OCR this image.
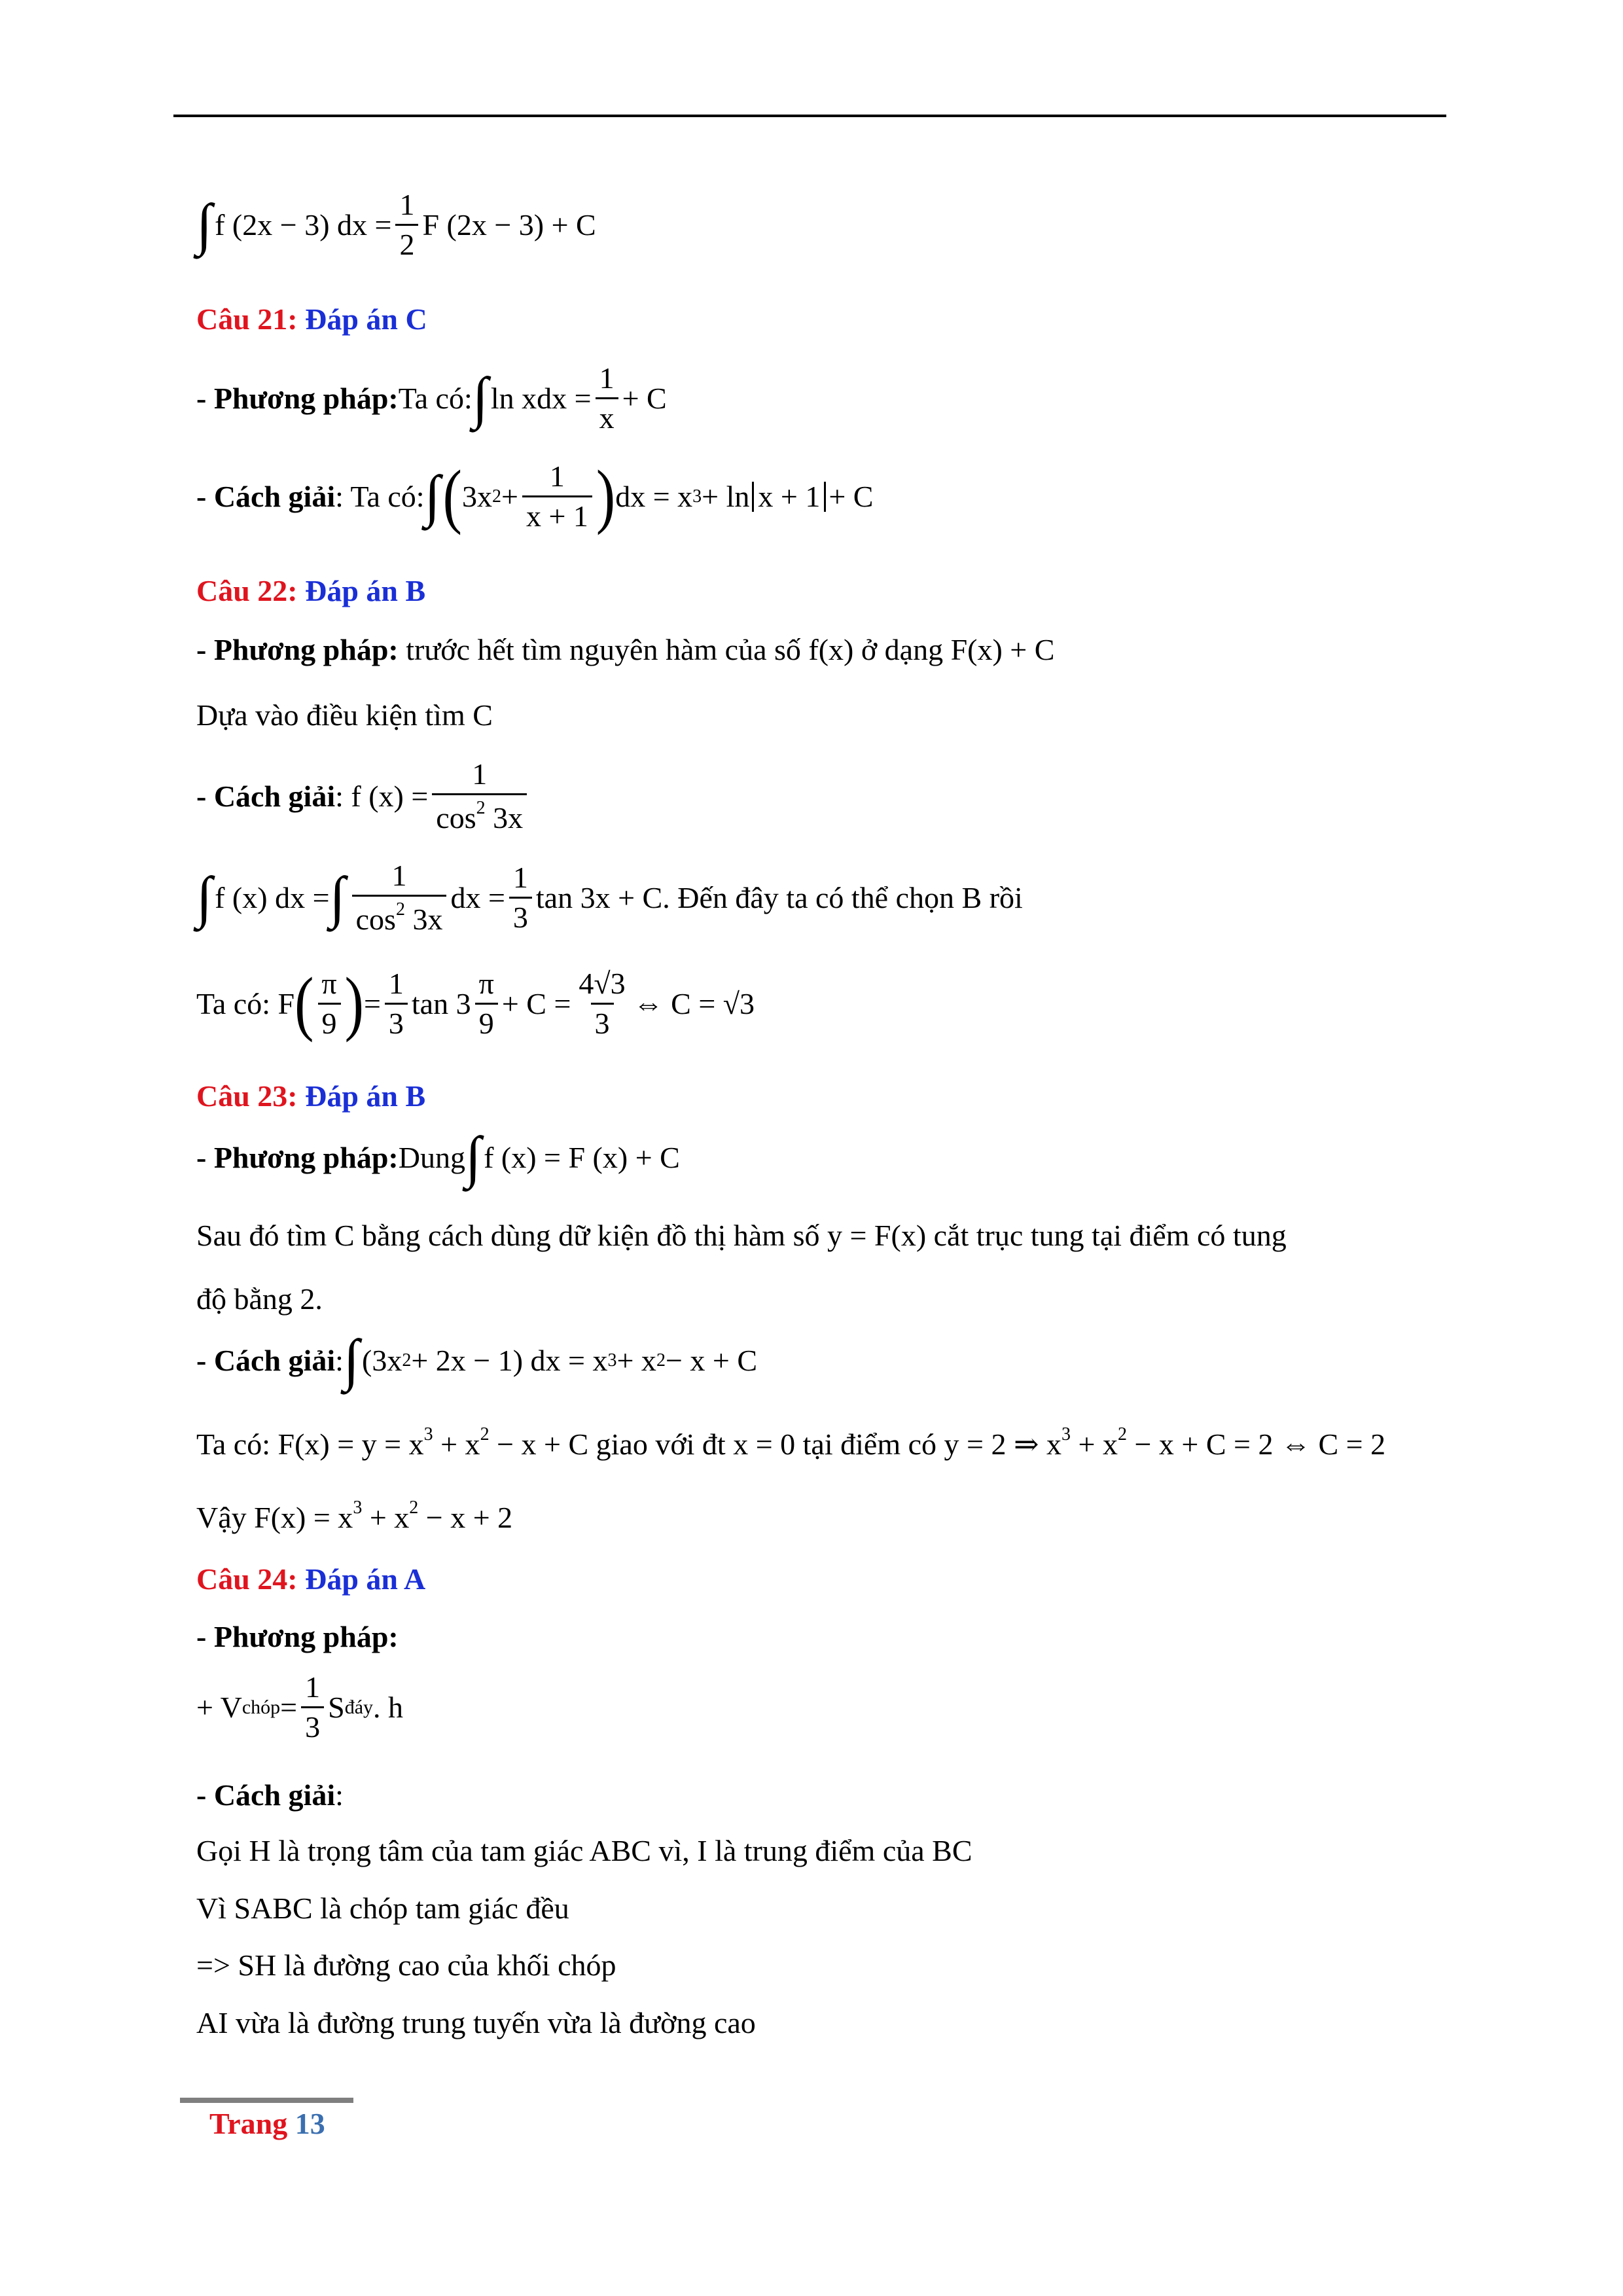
∫ f (2x − 3) dx = $\frac{1}{2}$ F (2x − 3) + C
Câu 21: Đáp án C
- Phương pháp: Ta có: ∫ ln xdx = $\frac{1}{x} + C$
- Cách giải : Ta có: ∫ ( 3x $2 + \frac{1}{x + 1}$ ) dx = x 3 + ln x + 1 + C
Câu 22: Đáp án B
- Phương pháp: trước hết tìm nguyên hàm của số f(x) ở dạng F(x) + C
Dựa vào điều kiện tìm C
- Cách giải : f $(x) = \frac{1}{\cos^2 3x}$
∫ f (x) dx = ∫ $\frac{1}{\cos^2 3x}$ dx = $\frac{1}{3}$ tan 3x + C . Đến đây ta có thể chọn B rồi
Ta có: F ( $\frac{\pi}{9}$ ) = $\frac{1}{3}$ $\tan 3 \frac{\pi}{9} + C = \frac{4√3}{3}$ ⇔ C = √3
Câu 23: Đáp án B
- Phương pháp: Dung ∫ f (x) = F (x) + C
Sau đó tìm C bằng cách dùng dữ kiện đồ thị hàm số y = F(x) cắt trục tung tại điểm có tung
độ bằng 2.
- Cách giải : ∫ (3x 2 + 2x − 1) dx = x 3 + x 2 − x + C
Ta có: $F(x) = y = x^3 + x^2 - x + C$ giao với đt x = 0 tại điểm có y = 2 ⇒ $x^3 + x^2 - x + C = 2$ ⇔ C = 2
Vậy $F(x) = x^3 + x^2 - x + 2$
Câu 24: Đáp án A
- Phương pháp:
+ V chóp = $\frac{1}{3}$ S đáy . h
- Cách giải:
Gọi H là trọng tâm của tam giác ABC vì, I là trung điểm của BC
Vì SABC là chóp tam giác đều
=> SH là đường cao của khối chóp
AI vừa là đường trung tuyến vừa là đường cao
Trang 13
